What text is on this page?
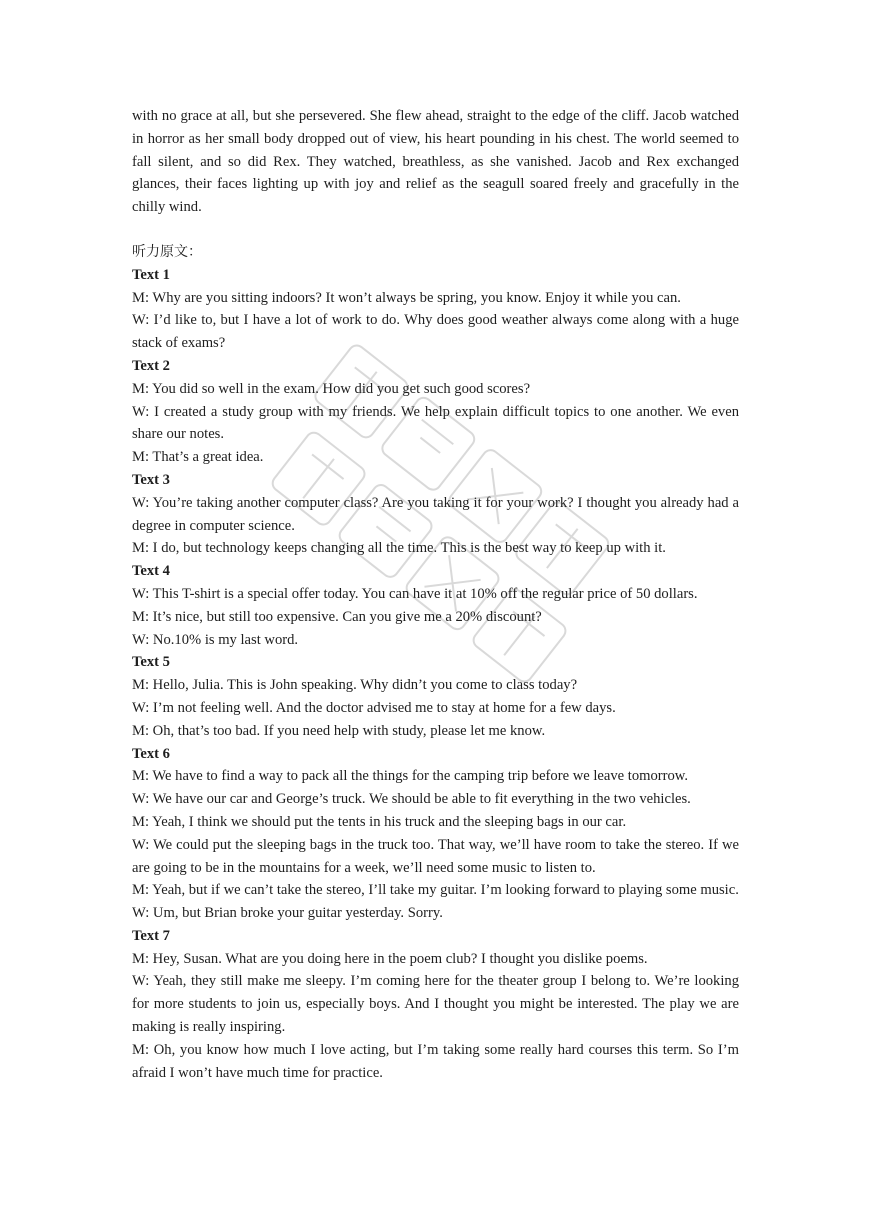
with no grace at all, but she persevered. She flew ahead, straight to the edge of the cliff. Jacob watched in horror as her small body dropped out of view, his heart pounding in his chest. The world seemed to fall silent, and so did Rex. They watched, breathless, as she vanished. Jacob and Rex exchanged glances, their faces lighting up with joy and relief as the seagull soared freely and gracefully in the chilly wind.

听力原文：

Text 1

M: Why are you sitting indoors? It won’t always be spring, you know. Enjoy it while you can.

W: I’d like to, but I have a lot of work to do. Why does good weather always come along with a huge stack of exams?

Text 2

M: You did so well in the exam. How did you get such good scores?

W: I created a study group with my friends. We help explain difficult topics to one another. We even share our notes.

M: That’s a great idea.

Text 3

W: You’re taking another computer class? Are you taking it for your work? I thought you already had a degree in computer science.

M: I do, but technology keeps changing all the time. This is the best way to keep up with it.

Text 4

W: This T-shirt is a special offer today. You can have it at 10% off the regular price of 50 dollars.

M: It’s nice, but still too expensive. Can you give me a 20% discount?

W: No.10% is my last word.

Text 5

M: Hello, Julia. This is John speaking. Why didn’t you come to class today?

W: I’m not feeling well. And the doctor advised me to stay at home for a few days.

M: Oh, that’s too bad. If you need help with study, please let me know.

Text 6

M: We have to find a way to pack all the things for the camping trip before we leave tomorrow.

W: We have our car and George’s truck. We should be able to fit everything in the two vehicles.

M: Yeah, I think we should put the tents in his truck and the sleeping bags in our car.

W: We could put the sleeping bags in the truck too. That way, we’ll have room to take the stereo. If we are going to be in the mountains for a week, we’ll need some music to listen to.

M: Yeah, but if we can’t take the stereo, I’ll take my guitar. I’m looking forward to playing some music.

W: Um, but Brian broke your guitar yesterday. Sorry.

Text 7

M: Hey, Susan. What are you doing here in the poem club? I thought you dislike poems.

W: Yeah, they still make me sleepy. I’m coming here for the theater group I belong to. We’re looking for more students to join us, especially boys. And I thought you might be interested. The play we are making is really inspiring.

M: Oh, you know how much I love acting, but I’m taking some really hard courses this term. So I’m afraid I won’t have much time for practice.
